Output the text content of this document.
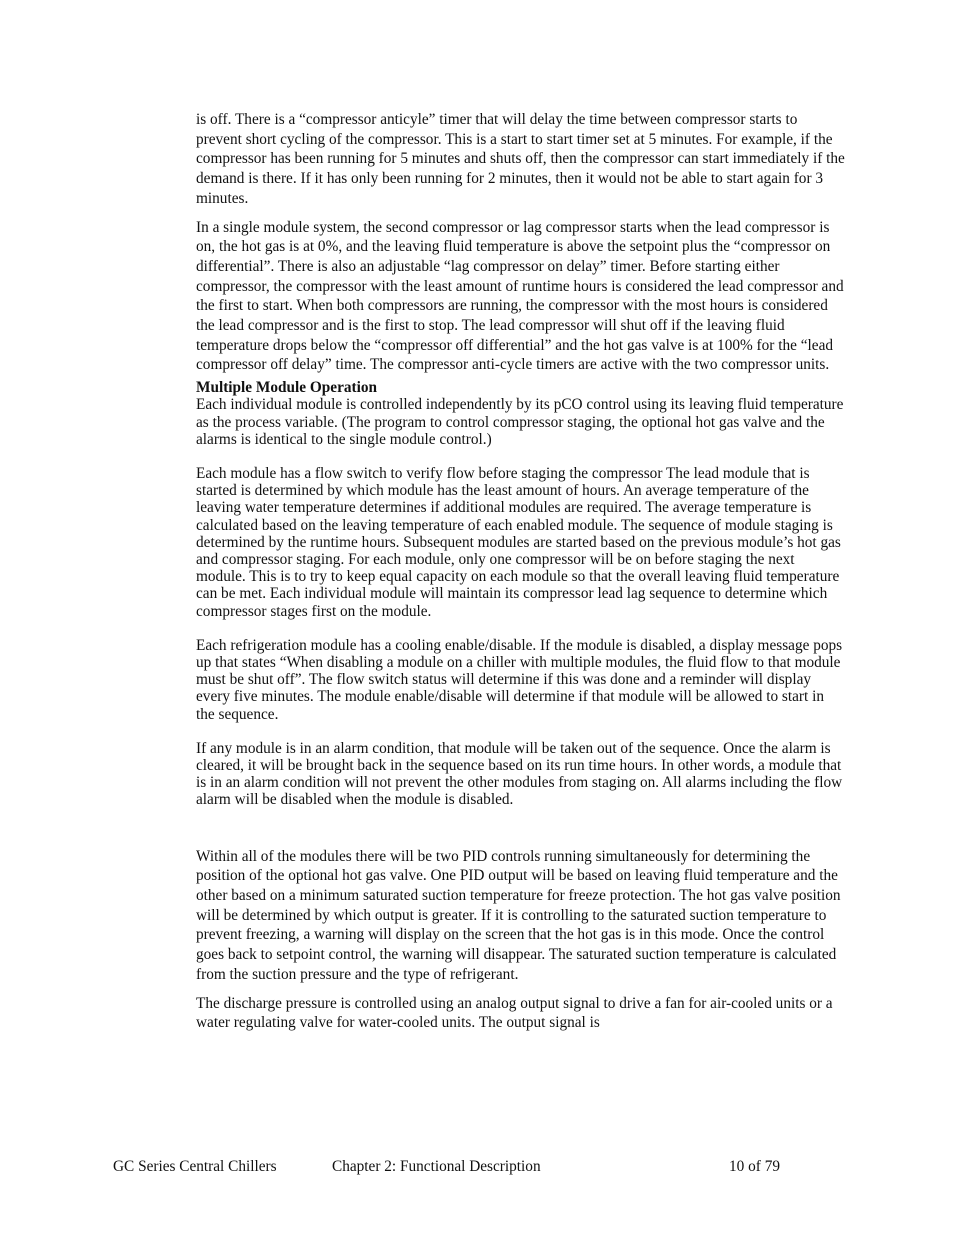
is off. There is a “compressor anticyle” timer that will delay the time between compressor starts to prevent short cycling of the compressor. This is a start to start timer set at 5 minutes. For example, if the compressor has been running for 5 minutes and shuts off, then the compressor can start immediately if the demand is there. If it has only been running for 2 minutes, then it would not be able to start again for 3 minutes.

In a single module system, the second compressor or lag compressor starts when the lead compressor is on, the hot gas is at 0%, and the leaving fluid temperature is above the setpoint plus the “compressor on differential”. There is also an adjustable “lag compressor on delay” timer. Before starting either compressor, the compressor with the least amount of runtime hours is considered the lead compressor and the first to start. When both compressors are running, the compressor with the most hours is considered the lead compressor and is the first to stop. The lead compressor will shut off if the leaving fluid temperature drops below the “compressor off differential” and the hot gas valve is at 100% for the “lead compressor off delay” time. The compressor anti-cycle timers are active with the two compressor units.

Multiple Module Operation

Each individual module is controlled independently by its pCO control using its leaving fluid temperature as the process variable. (The program to control compressor staging, the optional hot gas valve and the alarms is identical to the single module control.)

Each module has a flow switch to verify flow before staging the compressor The lead module that is started is determined by which module has the least amount of hours. An average temperature of the leaving water temperature determines if additional modules are required. The average temperature is calculated based on the leaving temperature of each enabled module. The sequence of module staging is determined by the runtime hours. Subsequent modules are started based on the previous module’s hot gas and compressor staging. For each module, only one compressor will be on before staging the next module. This is to try to keep equal capacity on each module so that the overall leaving fluid temperature can be met. Each individual module will maintain its compressor lead lag sequence to determine which compressor stages first on the module.

Each refrigeration module has a cooling enable/disable. If the module is disabled, a display message pops up that states “When disabling a module on a chiller with multiple modules, the fluid flow to that module must be shut off”. The flow switch status will determine if this was done and a reminder will display every five minutes. The module enable/disable will determine if that module will be allowed to start in the sequence.

If any module is in an alarm condition, that module will be taken out of the sequence. Once the alarm is cleared, it will be brought back in the sequence based on its run time hours. In other words, a module that is in an alarm condition will not prevent the other modules from staging on. All alarms including the flow alarm will be disabled when the module is disabled.

Within all of the modules there will be two PID controls running simultaneously for determining the position of the optional hot gas valve. One PID output will be based on leaving fluid temperature and the other based on a minimum saturated suction temperature for freeze protection. The hot gas valve position will be determined by which output is greater. If it is controlling to the saturated suction temperature to prevent freezing, a warning will display on the screen that the hot gas is in this mode. Once the control goes back to setpoint control, the warning will disappear. The saturated suction temperature is calculated from the suction pressure and the type of refrigerant.

The discharge pressure is controlled using an analog output signal to drive a fan for air-cooled units or a water regulating valve for water-cooled units. The output signal is

GC Series Central Chillers	Chapter 2: Functional Description	10 of 79
